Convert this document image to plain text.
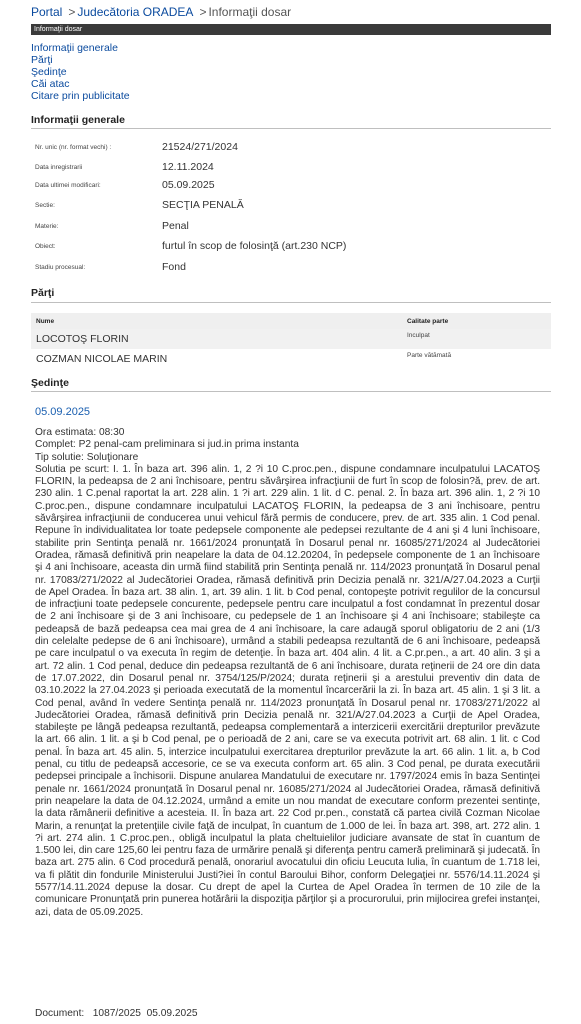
Portal > Judecătoria ORADEA > Informaţii dosar
Informaţii dosar
Informaţii generale
Părţi
Şedinţe
Căi atac
Citare prin publicitate
Informaţii generale
Nr. unic (nr. format vechi) :	21524/271/2024
Data inregistrarii	12.11.2024
Data ultimei modificari:	05.09.2025
Sectie:	SECŢIA PENALĂ
Materie:	Penal
Obiect:	furtul în scop de folosinţă (art.230 NCP)
Stadiu procesual:	Fond
Părţi
Nume	Calitate parte
LOCOTOŞ FLORIN	Inculpat
COZMAN NICOLAE MARIN	Parte vătămată
Şedinţe
05.09.2025
Ora estimata: 08:30
Complet: P2 penal-cam preliminara si jud.in prima instanta
Tip solutie: Soluţionare
Solutia pe scurt: I. 1. În baza art. 396 alin. 1, 2 ?i 10 C.proc.pen., dispune condamnare inculpatului LACATOŞ FLORIN, la pedeapsa de 2 ani închisoare, pentru săvârşirea infracţiunii de furt în scop de folosin?ă, prev. de art. 230 alin. 1 C.penal raportat la art. 228 alin. 1 ?i art. 229 alin. 1 lit. d C. penal. 2. În baza art. 396 alin. 1, 2 ?i 10 C.proc.pen., dispune condamnare inculpatului LACATOŞ FLORIN, la pedeapsa de 3 ani închisoare, pentru săvârşirea infracţiunii de conducerea unui vehicul fără permis de conducere, prev. de art. 335 alin. 1 Cod penal. Repune în individualitatea lor toate pedepsele componente ale pedepsei rezultante de 4 ani şi 4 luni închisoare, stabilite prin Sentinţa penală nr. 1661/2024 pronunţată în Dosarul penal nr. 16085/271/2024 al Judecătoriei Oradea, rămasă definitivă prin neapelare la data de 04.12.20204, în pedepsele componente de 1 an închisoare şi 4 ani închisoare, aceasta din urmă fiind stabilită prin Sentinţa penală nr. 114/2023 pronunţată în Dosarul penal nr. 17083/271/2022 al Judecătoriei Oradea, rămasă definitivă prin Decizia penală nr. 321/A/27.04.2023 a Curţii de Apel Oradea. În baza art. 38 alin. 1, art. 39 alin. 1 lit. b Cod penal, contopeşte potrivit regulilor de la concursul de infracţiuni toate pedepsele concurente, pedepsele pentru care inculpatul a fost condamnat în prezentul dosar de 2 ani închisoare şi de 3 ani închisoare, cu pedepsele de 1 an închisoare şi 4 ani închisoare; stabileşte ca pedeapsă de bază pedeapsa cea mai grea de 4 ani închisoare, la care adaugă sporul obligatoriu de 2 ani (1/3 din celelalte pedepse de 6 ani închisoare), urmând a stabili pedeapsa rezultantă de 6 ani închisoare, pedeapsă pe care inculpatul o va executa în regim de detenţie. În baza art. 404 alin. 4 lit. a C.pr.pen., a art. 40 alin. 3 şi a art. 72 alin. 1 Cod penal, deduce din pedeapsa rezultantă de 6 ani închisoare, durata reţinerii de 24 ore din data de 17.07.2022, din Dosarul penal nr. 3754/125/P/2024; durata reţinerii şi a arestului preventiv din data de 03.10.2022 la 27.04.2023 şi perioada executată de la momentul încarcerării la zi. În baza art. 45 alin. 1 şi 3 lit. a Cod penal, având în vedere Sentinţa penală nr. 114/2023 pronunţată în Dosarul penal nr. 17083/271/2022 al Judecătoriei Oradea, rămasă definitivă prin Decizia penală nr. 321/A/27.04.2023 a Curţii de Apel Oradea, stabileşte pe lângă pedeapsa rezultantă, pedeapsa complementară a interzicerii exercitării drepturilor prevăzute la art. 66 alin. 1 lit. a şi b Cod penal, pe o perioadă de 2 ani, care se va executa potrivit art. 68 alin. 1 lit. c Cod penal. În baza art. 45 alin. 5, interzice inculpatului exercitarea drepturilor prevăzute la art. 66 alin. 1 lit. a, b Cod penal, cu titlu de pedeapsă accesorie, ce se va executa conform art. 65 alin. 3 Cod penal, pe durata executării pedepsei principale a închisorii. Dispune anularea Mandatului de executare nr. 1797/2024 emis în baza Sentinţei penale nr. 1661/2024 pronunţată în Dosarul penal nr. 16085/271/2024 al Judecătoriei Oradea, rămasă definitivă prin neapelare la data de 04.12.2024, urmând a emite un nou mandat de executare conform prezentei sentinţe, la data rămânerii definitive a acesteia. II. În baza art. 22 Cod pr.pen., constată că partea civilă Cozman Nicolae Marin, a renunţat la pretenţiile civile faţă de inculpat, în cuantum de 1.000 de lei. În baza art. 398, art. 272 alin. 1 ?i art. 274 alin. 1 C.proc.pen., obligă inculpatul la plata cheltuielilor judiciare avansate de stat în cuantum de 1.500 lei, din care 125,60 lei pentru faza de urmărire penală şi diferenţa pentru cameră preliminară şi judecată. În baza art. 275 alin. 6 Cod procedură penală, onorariul avocatului din oficiu Leucuta Iulia, în cuantum de 1.718 lei, va fi plătit din fondurile Ministerului Justi?iei în contul Baroului Bihor, conform Delegaţiei nr. 5576/14.11.2024 şi 5577/14.11.2024 depuse la dosar. Cu drept de apel la Curtea de Apel Oradea în termen de 10 zile de la comunicare Pronunţată prin punerea hotărârii la dispoziţia părţilor şi a procurorului, prin mijlocirea grefei instanţei, azi, data de 05.09.2025.
Document:   1087/2025  05.09.2025
